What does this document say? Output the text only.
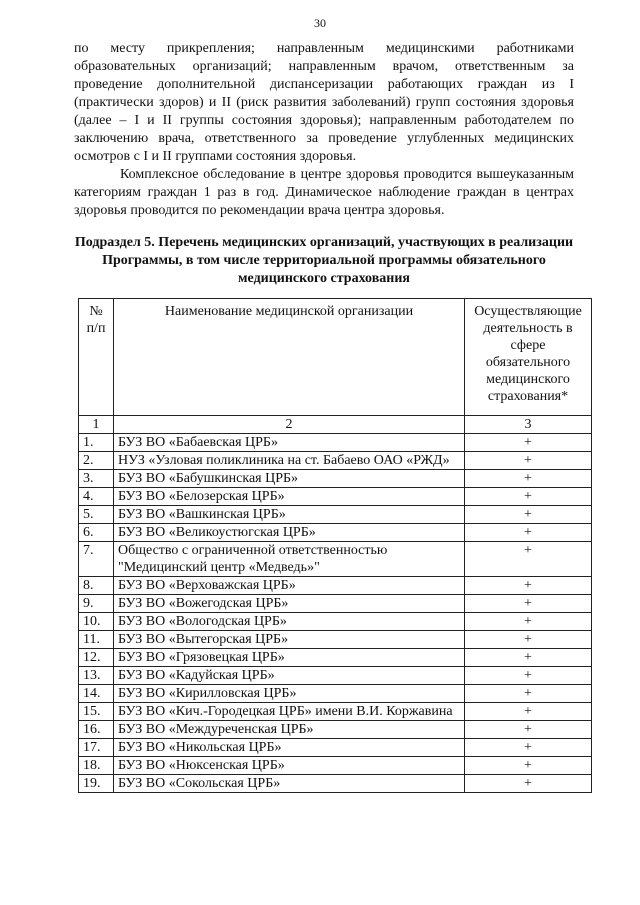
30

по месту прикрепления; направленным медицинскими работниками образовательных организаций; направленным врачом, ответственным за проведение дополнительной диспансеризации работающих граждан из I (практически здоров) и II (риск развития заболеваний) групп состояния здоровья (далее – I и II группы состояния здоровья); направленным работодателем по заключению врача, ответственного за проведение углубленных медицинских осмотров с I и II группами состояния здоровья.

Комплексное обследование в центре здоровья проводится вышеуказанным категориям граждан 1 раз в год. Динамическое наблюдение граждан в центрах здоровья проводится по рекомендации врача центра здоровья.

Подраздел 5. Перечень медицинских организаций, участвующих в реализации Программы, в том числе территориальной программы обязательного медицинского страхования
№ п/п	Наименование медицинской организации	Осуществляющие деятельность в сфере обязательного медицинского страхования*
1	2	3
1.	БУЗ ВО «Бабаевская ЦРБ»	+
2.	НУЗ «Узловая поликлиника на ст. Бабаево ОАО «РЖД»	+
3.	БУЗ ВО «Бабушкинская ЦРБ»	+
4.	БУЗ ВО «Белозерская ЦРБ»	+
5.	БУЗ ВО «Вашкинская ЦРБ»	+
6.	БУЗ ВО «Великоустюгская ЦРБ»	+
7.	Общество с ограниченной ответственностью "Медицинский центр «Медведь»"	+
8.	БУЗ ВО «Верховажская ЦРБ»	+
9.	БУЗ ВО «Вожегодская ЦРБ»	+
10.	БУЗ ВО «Вологодская ЦРБ»	+
11.	БУЗ ВО «Вытегорская ЦРБ»	+
12.	БУЗ ВО «Грязовецкая ЦРБ»	+
13.	БУЗ ВО «Кадуйская ЦРБ»	+
14.	БУЗ ВО «Кирилловская ЦРБ»	+
15.	БУЗ ВО «Кич.-Городецкая ЦРБ» имени В.И. Коржавина	+
16.	БУЗ ВО «Междуреченская ЦРБ»	+
17.	БУЗ ВО «Никольская ЦРБ»	+
18.	БУЗ ВО «Нюксенская ЦРБ»	+
19.	БУЗ ВО «Сокольская ЦРБ»	+
